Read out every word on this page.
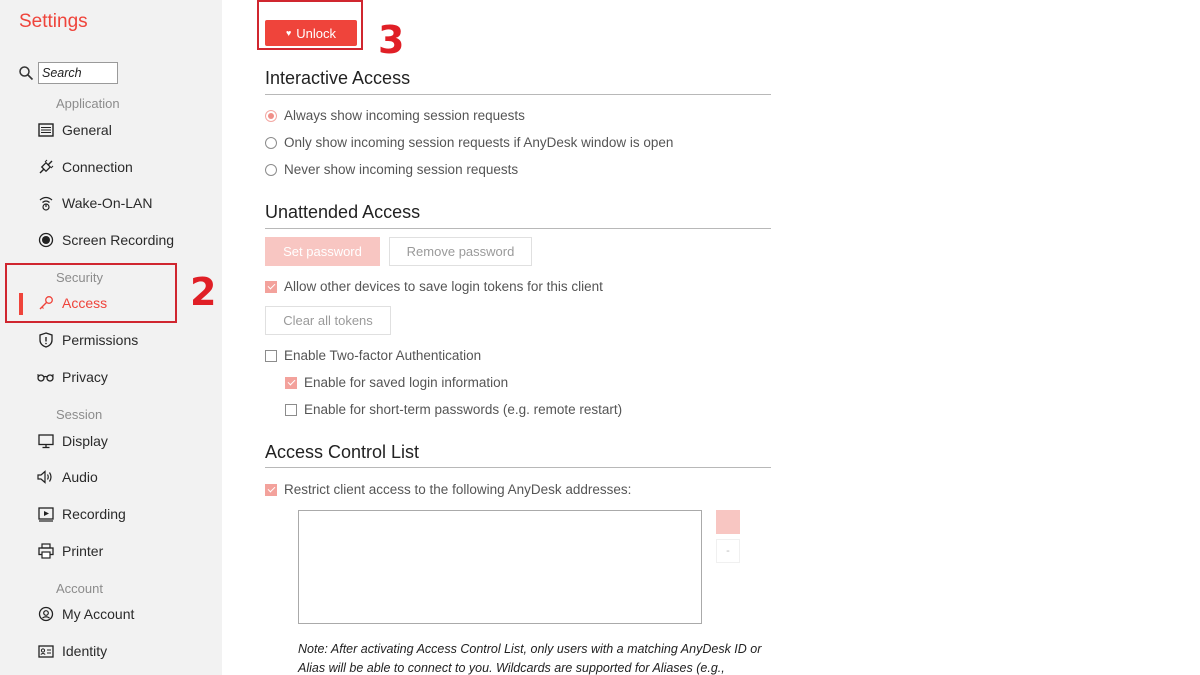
Settings
Search
Application
General
Connection
Wake-On-LAN
Screen Recording
Security
Access
Permissions
Privacy
Session
Display
Audio
Recording
Printer
Account
My Account
Identity
2
♥ Unlock 3
Interactive Access
Always show incoming session requests
Only show incoming session requests if AnyDesk window is open
Never show incoming session requests
Unattended Access
Set password	Remove password
Allow other devices to save login tokens for this client
Clear all tokens
Enable Two-factor Authentication
Enable for saved login information
Enable for short-term passwords (e.g. remote restart)
Access Control List
Restrict client access to the following AnyDesk addresses:
-
Note: After activating Access Control List, only users with a matching AnyDesk ID or Alias will be able to connect to you. Wildcards are supported for Aliases (e.g.,
